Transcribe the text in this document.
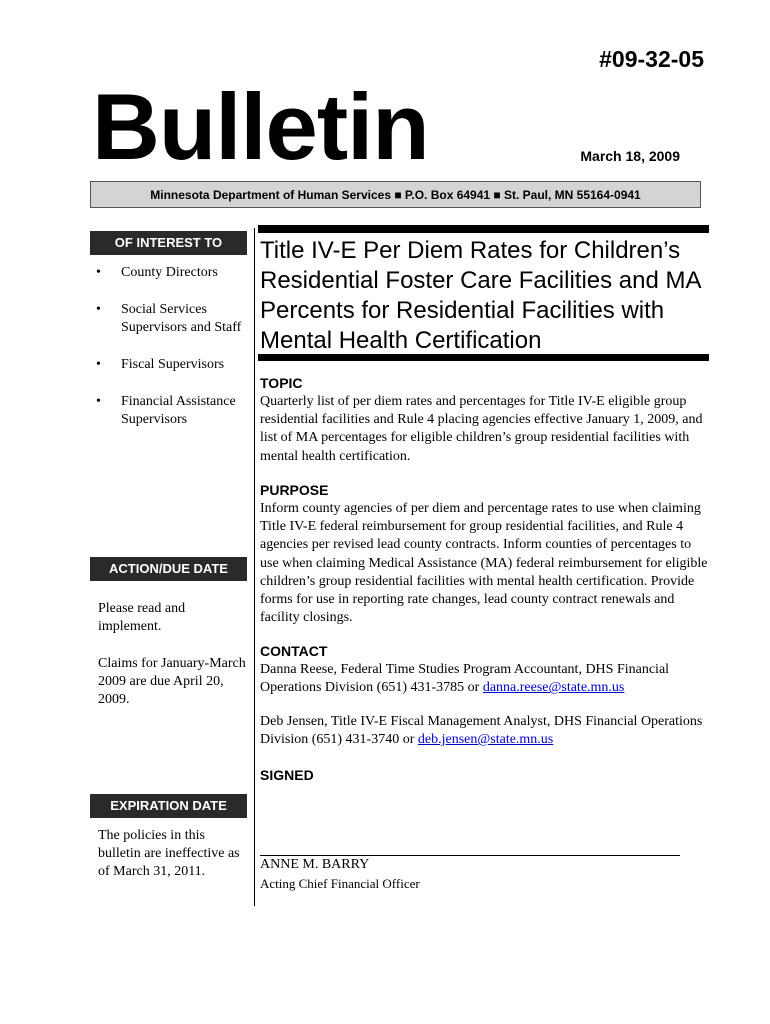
#09-32-05
Bulletin	March 18, 2009
Minnesota Department of Human Services ■ P.O. Box 64941 ■ St. Paul, MN 55164-0941
OF INTEREST TO
• County Directors
• Social Services Supervisors and Staff
• Fiscal Supervisors
• Financial Assistance Supervisors
ACTION/DUE DATE

Please read and implement.

Claims for January-March 2009 are due April 20, 2009.

EXPIRATION DATE

The policies in this bulletin are ineffective as of March 31, 2011.

Title IV-E Per Diem Rates for Children’s Residential Foster Care Facilities and MA Percents for Residential Facilities with Mental Health Certification
TOPIC

Quarterly list of per diem rates and percentages for Title IV-E eligible group residential facilities and Rule 4 placing agencies effective January 1, 2009, and list of MA percentages for eligible children’s group residential facilities with mental health certification.

PURPOSE

Inform county agencies of per diem and percentage rates to use when claiming Title IV-E federal reimbursement for group residential facilities, and Rule 4 agencies per revised lead county contracts. Inform counties of percentages to use when claiming Medical Assistance (MA) federal reimbursement for eligible children’s group residential facilities with mental health certification. Provide forms for use in reporting rate changes, lead county contract renewals and facility closings.

CONTACT

Danna Reese, Federal Time Studies Program Accountant, DHS Financial Operations Division (651) 431-3785 or danna.reese@state.mn.us

Deb Jensen, Title IV-E Fiscal Management Analyst, DHS Financial Operations Division (651) 431-3740 or deb.jensen@state.mn.us

SIGNED

ANNE M. BARRY

Acting Chief Financial Officer
